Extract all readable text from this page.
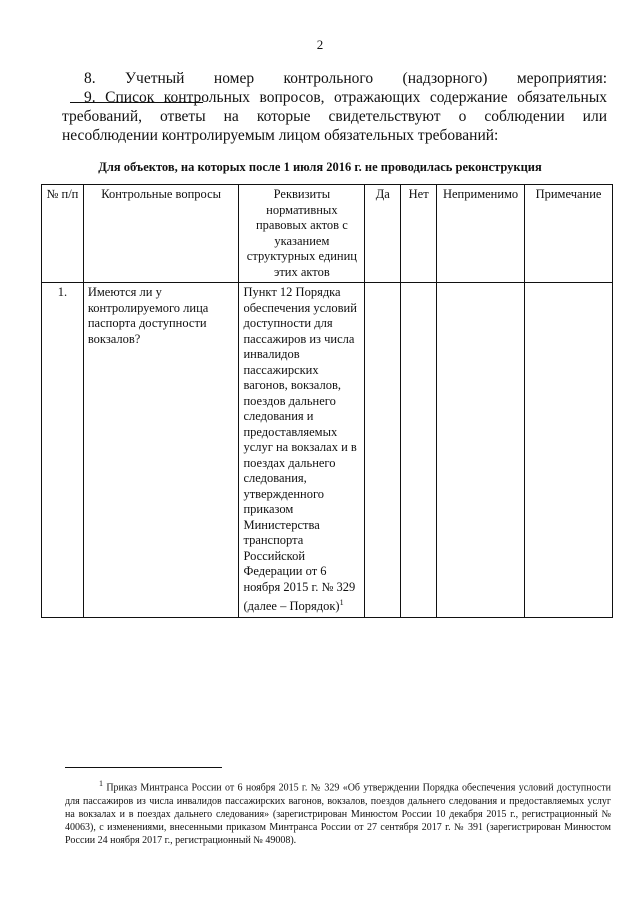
2
8. Учетный номер контрольного (надзорного) мероприятия:
9. Список контрольных вопросов, отражающих содержание обязательных требований, ответы на которые свидетельствуют о соблюдении или несоблюдении контролируемым лицом обязательных требований:
Для объектов, на которых после 1 июля 2016 г. не проводилась реконструкция
№ п/п	Контрольные вопросы	Реквизиты нормативных правовых актов с указанием структурных единиц этих актов	Да	Нет	Неприменимо	Примечание
1.	Имеются ли у контролируемого лица паспорта доступности вокзалов?	Пункт 12 Порядка обеспечения условий доступности для пассажиров из числа инвалидов пассажирских вагонов, вокзалов, поездов дальнего следования и предоставляемых услуг на вокзалах и в поездах дальнего следования, утвержденного приказом Министерства транспорта Российской Федерации от 6 ноября 2015 г. № 329 (далее – Порядок)$^1$				
$^1$ Приказ Минтранса России от 6 ноября 2015 г. № 329 «Об утверждении Порядка обеспечения условий доступности для пассажиров из числа инвалидов пассажирских вагонов, вокзалов, поездов дальнего следования и предоставляемых услуг на вокзалах и в поездах дальнего следования» (зарегистрирован Минюстом России 10 декабря 2015 г., регистрационный № 40063), с изменениями, внесенными приказом Минтранса России от 27 сентября 2017 г. № 391 (зарегистрирован Минюстом России 24 ноября 2017 г., регистрационный № 49008).
